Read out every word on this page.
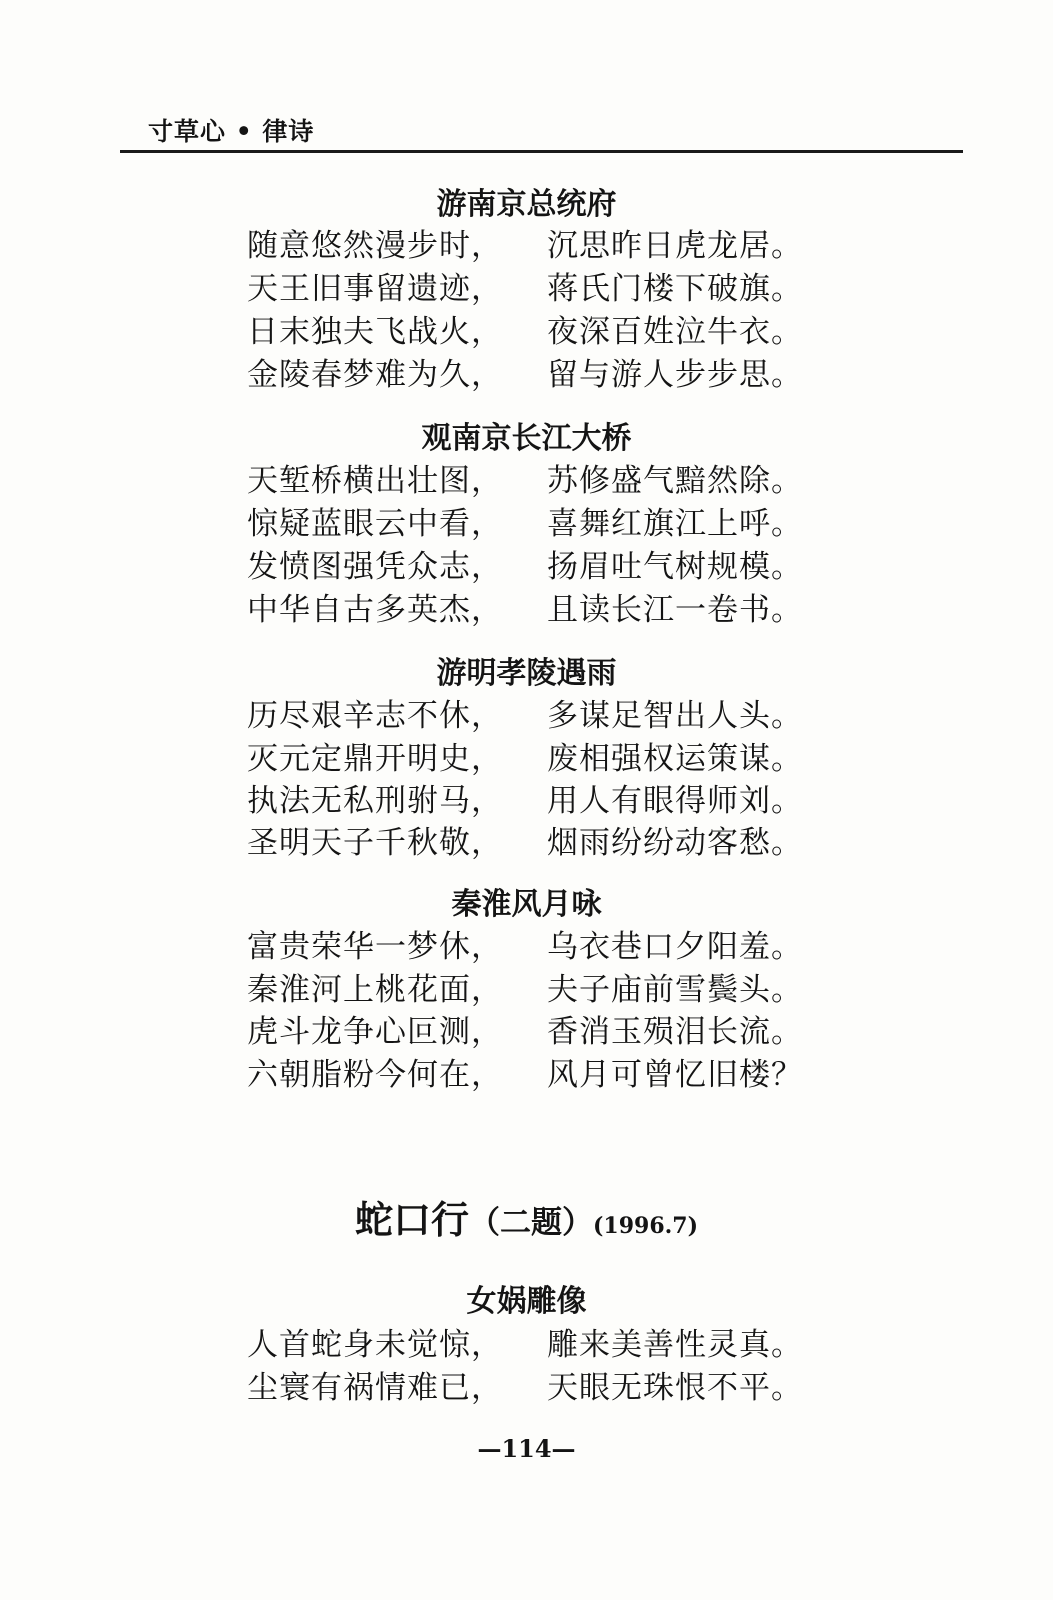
寸草心 • 律诗
游南京总统府
随意悠然漫步时， 沉思昨日虎龙居。
天王旧事留遗迹， 蒋氏门楼下破旗。
日末独夫飞战火， 夜深百姓泣牛衣。
金陵春梦难为久， 留与游人步步思。
观南京长江大桥
天堑桥横出壮图， 苏修盛气黯然除。
惊疑蓝眼云中看， 喜舞红旗江上呼。
发愤图强凭众志， 扬眉吐气树规模。
中华自古多英杰， 且读长江一卷书。
游明孝陵遇雨
历尽艰辛志不休， 多谋足智出人头。
灭元定鼎开明史， 废相强权运策谋。
执法无私刑驸马， 用人有眼得师刘。
圣明天子千秋敬， 烟雨纷纷动客愁。
秦淮风月咏
富贵荣华一梦休， 乌衣巷口夕阳羞。
秦淮河上桃花面， 夫子庙前雪鬓头。
虎斗龙争心叵测， 香消玉殒泪长流。
六朝脂粉今何在， 风月可曾忆旧楼？
蛇口行（二题）(1996.7)
女娲雕像
人首蛇身未觉惊， 雕来美善性灵真。
尘寰有祸情难已， 天眼无珠恨不平。
—114—
